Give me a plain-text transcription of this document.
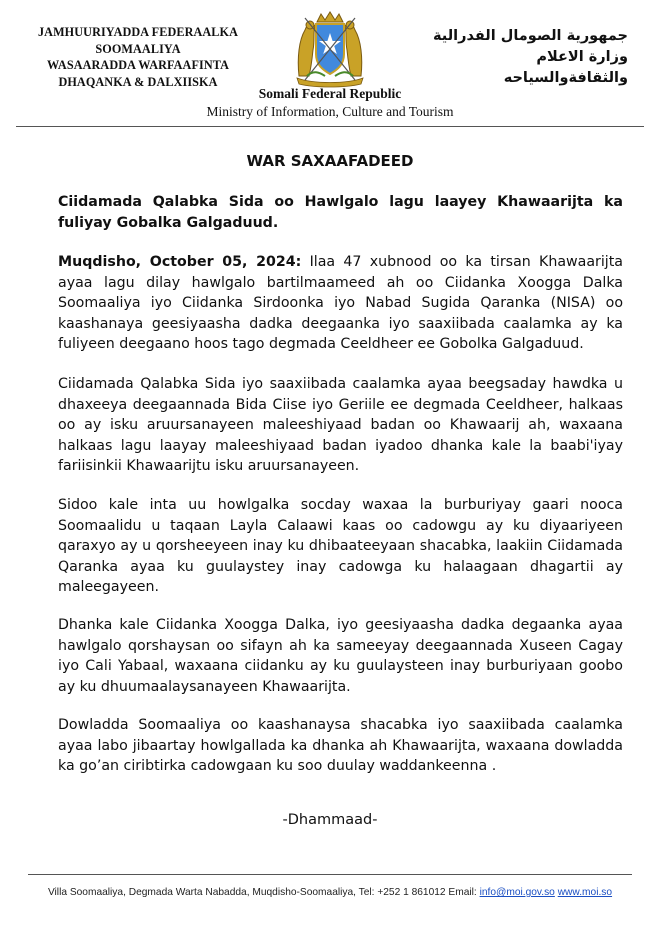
JAMHUURIYADDA FEDERAALKA
SOOMAALIYA
WASAARADDA WARFAAFINTA
DHAQANKA & DALXIISKA
جمهورية الصومال الفدرالية
وزارة الاعلام
والثقافةوالسياحه
Somali Federal Republic
Ministry of Information, Culture and Tourism
WAR SAXAAFADEED
Ciidamada Qalabka Sida oo Hawlgalo lagu laayey Khawaarijta ka fuliyay Gobalka Galgaduud.

Muqdisho, October 05, 2024: Ilaa 47 xubnood oo ka tirsan Khawaarijta ayaa lagu dilay hawlgalo bartilmaameed ah oo Ciidanka Xoogga Dalka Soomaaliya iyo Ciidanka Sirdoonka iyo Nabad Sugida Qaranka (NISA) oo kaashanaya geesiyaasha dadka deegaanka iyo saaxiibada caalamka ay ka fuliyeen deegaano hoos tago degmada Ceeldheer ee Gobolka Galgaduud.

Ciidamada Qalabka Sida iyo saaxiibada caalamka ayaa beegsaday hawdka u dhaxeeya deegaannada Bida Ciise iyo Geriile ee degmada Ceeldheer, halkaas oo ay isku aruursanayeen maleeshiyaad badan oo Khawaarij ah, waxaana halkaas lagu laayay maleeshiyaad badan iyadoo dhanka kale la baabi'iyay fariisinkii Khawaarijtu isku aruursanayeen.

Sidoo kale inta uu howlgalka socday waxaa la burburiyay gaari nooca Soomaalidu u taqaan Layla Calaawi kaas oo cadowgu ay ku diyaariyeen qaraxyo ay u qorsheeyeen inay ku dhibaateeyaan shacabka, laakiin Ciidamada Qaranka ayaa ku guulaystey inay cadowga ku halaagaan dhagartii ay maleegayeen.

Dhanka kale Ciidanka Xoogga Dalka, iyo geesiyaasha dadka degaanka ayaa hawlgalo qorshaysan oo sifayn ah ka sameeyay deegaannada Xuseen Cagay iyo Cali Yabaal, waxaana ciidanku ay ku guulaysteen inay burburiyaan goobo ay ku dhuumaalaysanayeen Khawaarijta.

Dowladda Soomaaliya oo kaashanaysa shacabka iyo saaxiibada caalamka ayaa labo jibaartay howlgallada ka dhanka ah Khawaarijta, waxaana dowladda ka go’an ciribtirka cadowgaan ku soo duulay waddankeenna .

-Dhammaad-
Villa Soomaaliya, Degmada Warta Nabadda, Muqdisho-Soomaaliya, Tel: +252 1 861012 Email: info@moi.gov.so www.moi.so
